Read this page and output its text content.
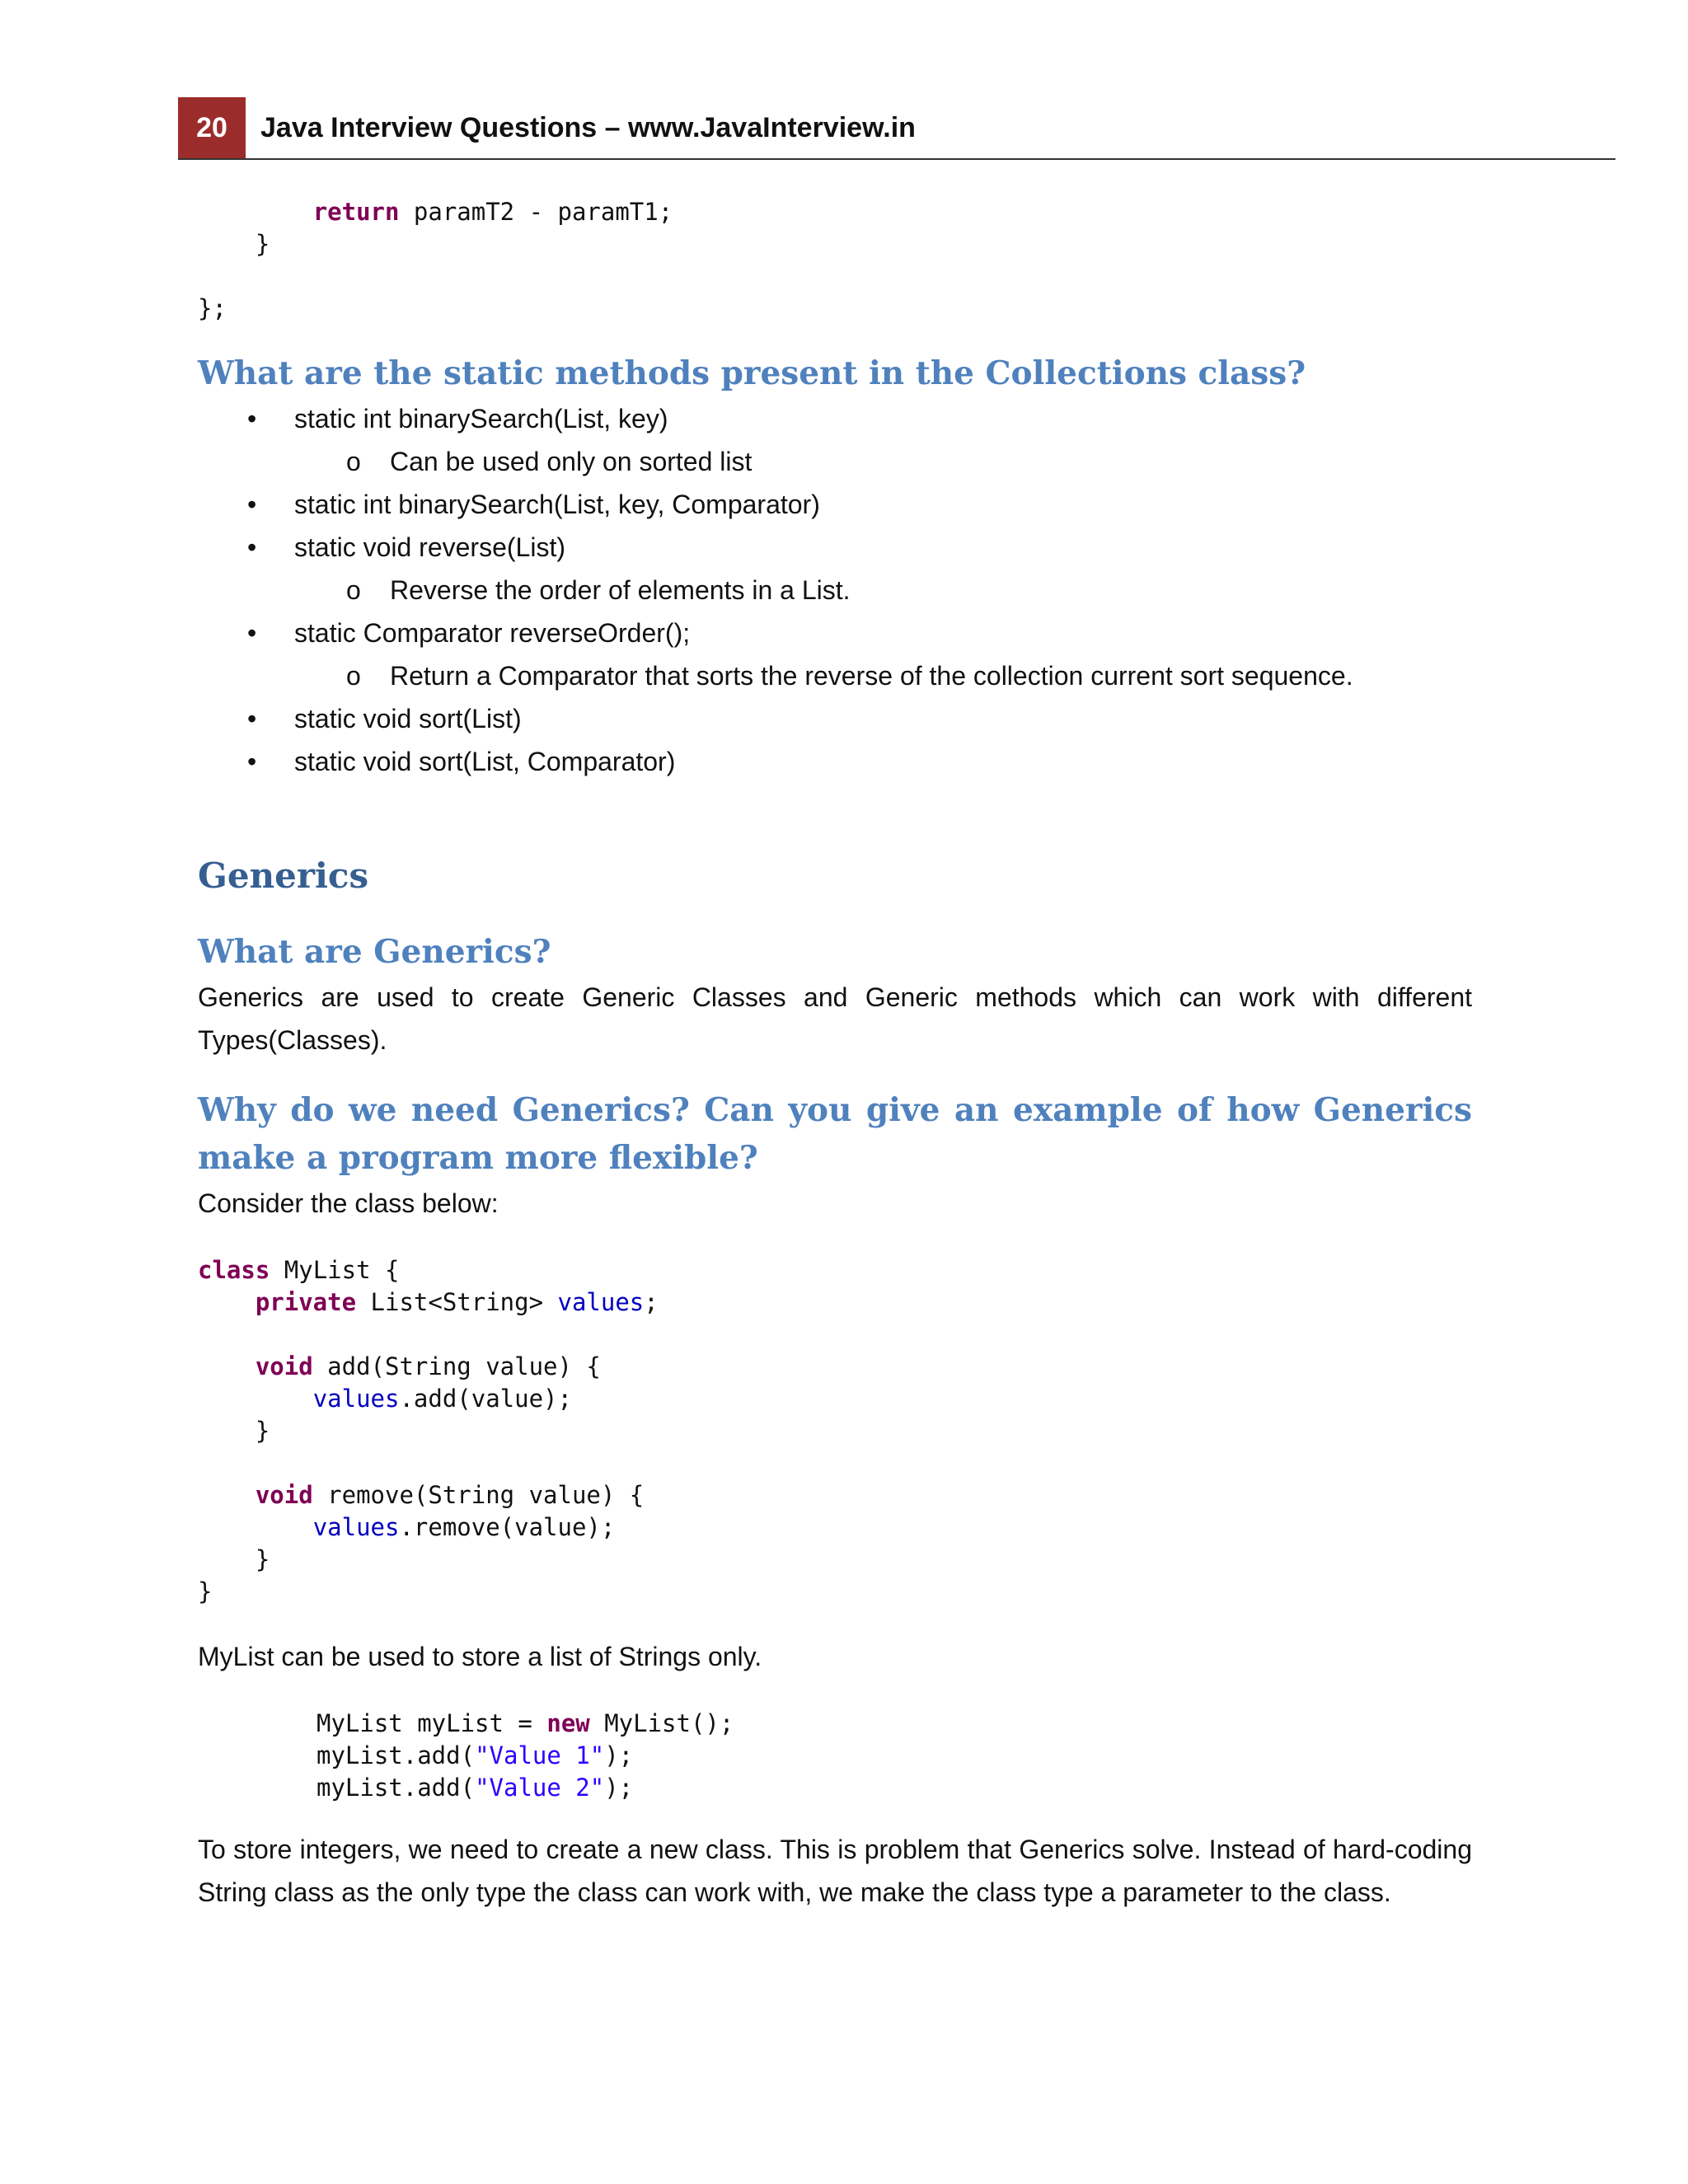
20	Java Interview Questions – www.JavaInterview.in
return paramT2 - paramT1;
}

};
What are the static methods present in the Collections class?
• static int binarySearch(List, key)
o Can be used only on sorted list
• static int binarySearch(List, key, Comparator)
• static void reverse(List)
o Reverse the order of elements in a List.
• static Comparator reverseOrder();
o Return a Comparator that sorts the reverse of the collection current sort sequence.
• static void sort(List)
• static void sort(List, Comparator)
Generics
What are Generics?

Generics are used to create Generic Classes and Generic methods which can work with different Types(Classes).

Why do we need Generics? Can you give an example of how Generics make a program more flexible?

Consider the class below:

class MyList {
private List<String> values;

void add(String value) {
values.add(value);
}

void remove(String value) {
values.remove(value);
}
}

MyList can be used to store a list of Strings only.

MyList myList = new MyList();
myList.add("Value 1");
myList.add("Value 2");

To store integers, we need to create a new class. This is problem that Generics solve. Instead of hard-coding String class as the only type the class can work with, we make the class type a parameter to the class.
